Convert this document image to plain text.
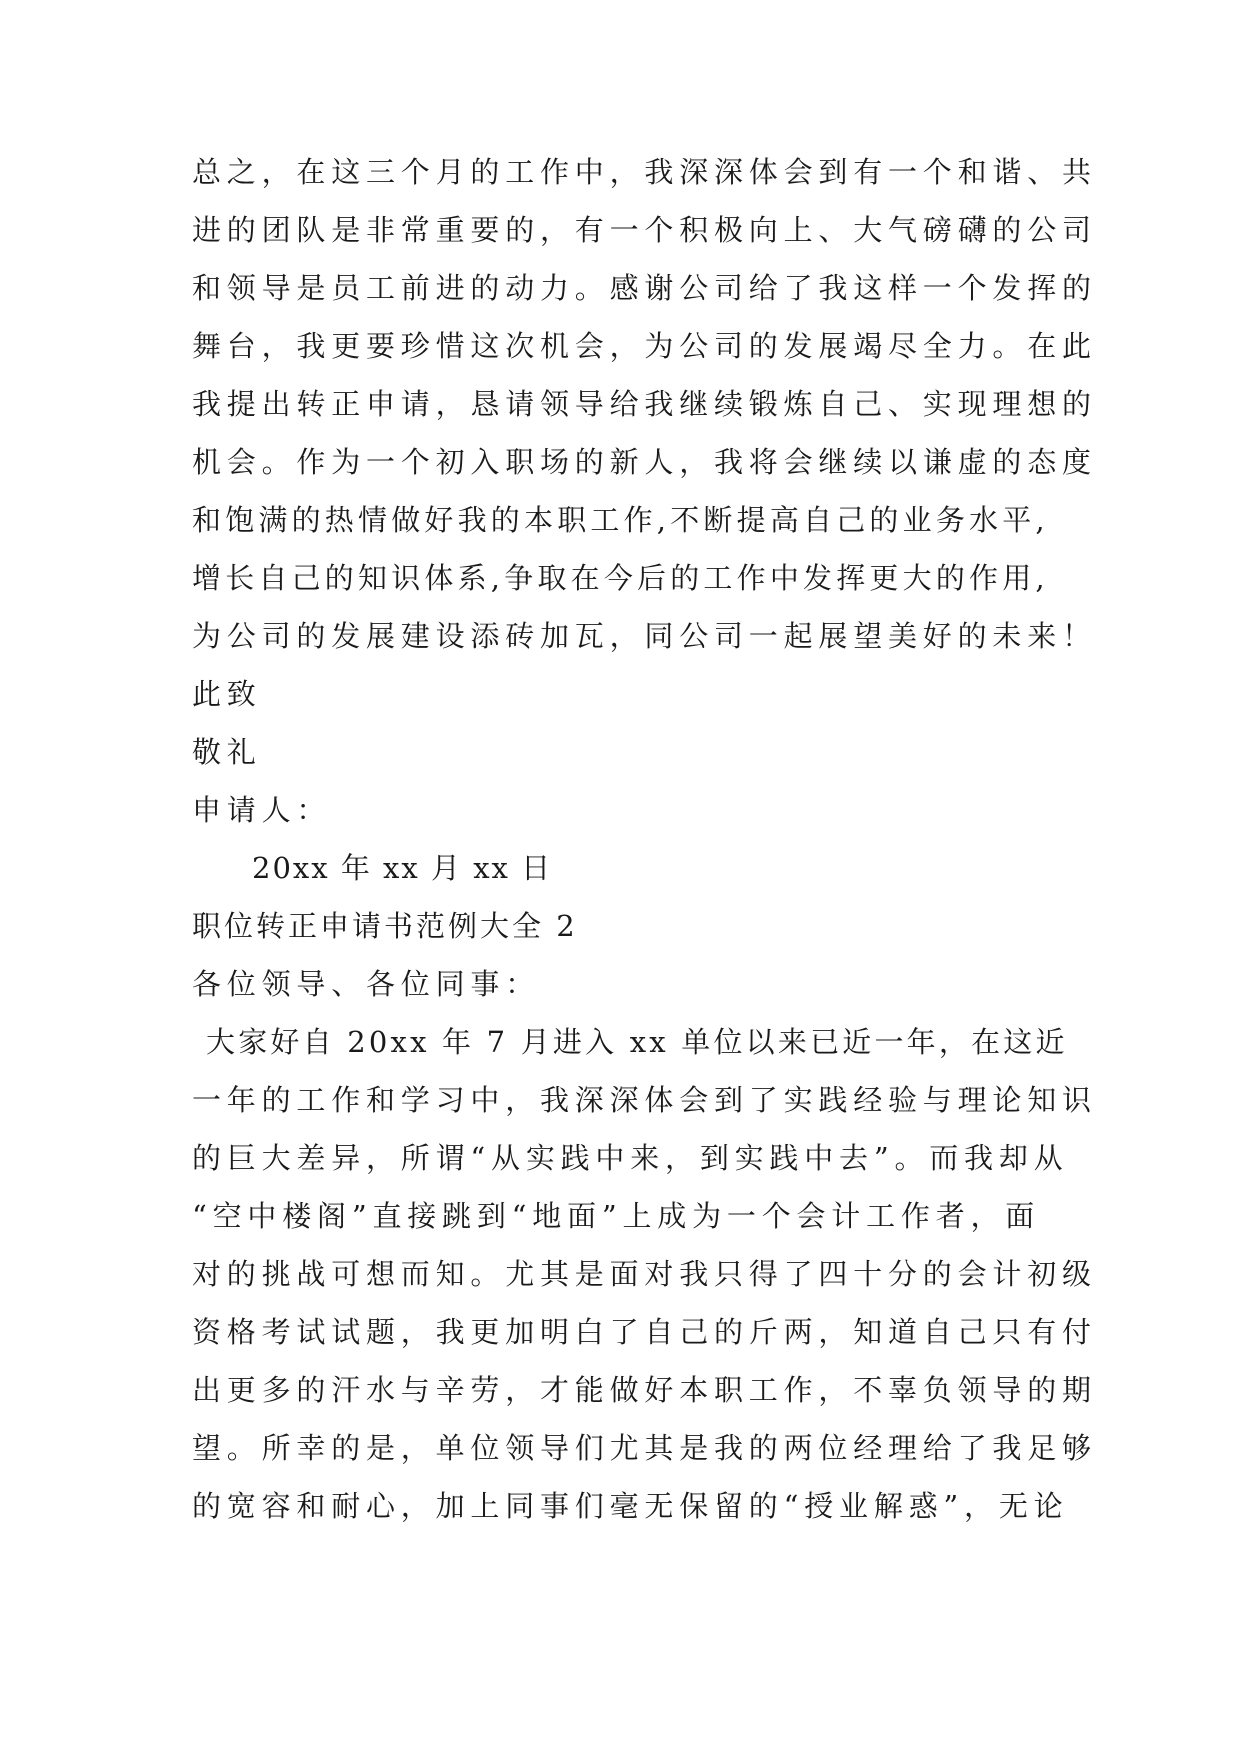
总之，在这三个月的工作中，我深深体会到有一个和谐、共
进的团队是非常重要的，有一个积极向上、大气磅礴的公司
和领导是员工前进的动力。感谢公司给了我这样一个发挥的
舞台，我更要珍惜这次机会，为公司的发展竭尽全力。在此
我提出转正申请，恳请领导给我继续锻炼自己、实现理想的
机会。作为一个初入职场的新人，我将会继续以谦虚的态度
和饱满的热情做好我的本职工作,不断提高自己的业务水平,
增长自己的知识体系,争取在今后的工作中发挥更大的作用,
为公司的发展建设添砖加瓦，同公司一起展望美好的未来！
此致
敬礼
申请人：
20xx 年 xx 月 xx 日
职位转正申请书范例大全 2
各位领导、各位同事：
大家好自 20xx 年 7 月进入 xx 单位以来已近一年，在这近
一年的工作和学习中，我深深体会到了实践经验与理论知识
的巨大差异，所谓“从实践中来，到实践中去”。而我却从
“空中楼阁”直接跳到“地面”上成为一个会计工作者，面
对的挑战可想而知。尤其是面对我只得了四十分的会计初级
资格考试试题，我更加明白了自己的斤两，知道自己只有付
出更多的汗水与辛劳，才能做好本职工作，不辜负领导的期
望。所幸的是，单位领导们尤其是我的两位经理给了我足够
的宽容和耐心，加上同事们毫无保留的“授业解惑”，无论
